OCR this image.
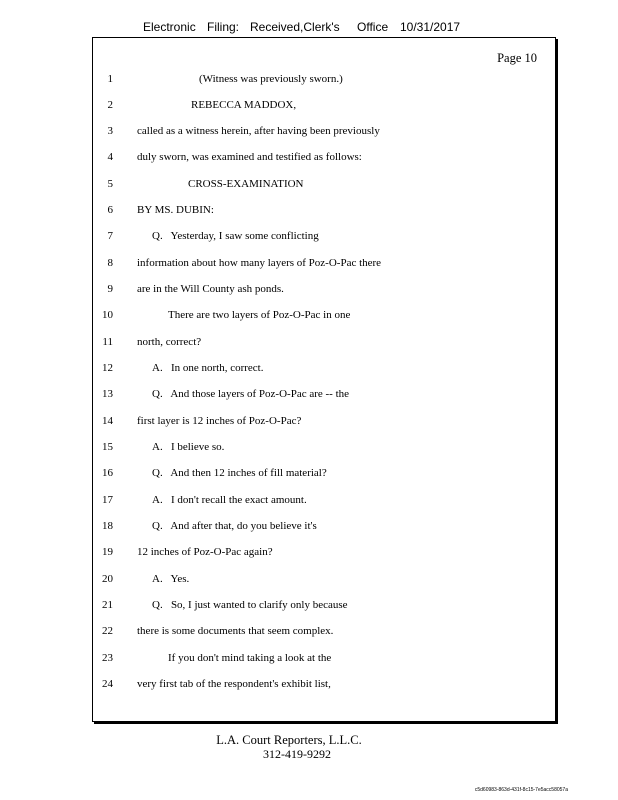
Electronic Filing: Received,Clerk's Office 10/31/2017
Page 10
1	(Witness was previously sworn.)
2	REBECCA MADDOX,
3 called as a witness herein, after having been previously
4 duly sworn, was examined and testified as follows:
5	CROSS-EXAMINATION
6 BY MS. DUBIN:
7	Q.   Yesterday, I saw some conflicting
8 information about how many layers of Poz-O-Pac there
9 are in the Will County ash ponds.
10	There are two layers of Poz-O-Pac in one
11 north, correct?
12	A.   In one north, correct.
13	Q.   And those layers of Poz-O-Pac are -- the
14 first layer is 12 inches of Poz-O-Pac?
15	A.   I believe so.
16	Q.   And then 12 inches of fill material?
17	A.   I don't recall the exact amount.
18	Q.   And after that, do you believe it's
19 12 inches of Poz-O-Pac again?
20	A.   Yes.
21	Q.   So, I just wanted to clarify only because
22 there is some documents that seem complex.
23	If you don't mind taking a look at the
24 very first tab of the respondent's exhibit list,
L.A. Court Reporters, L.L.C.
312-419-9292
c5d60983-863d-431f-8c15-7e5acc58057a
